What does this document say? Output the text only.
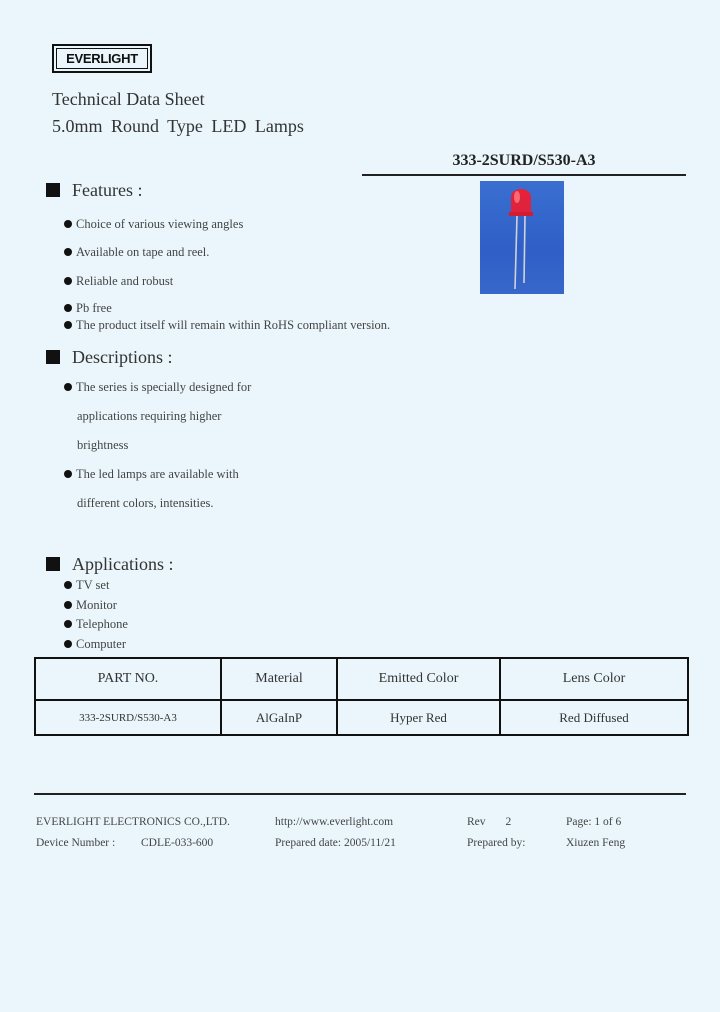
EVERLIGHT
Technical Data Sheet
5.0mm Round Type LED Lamps
333-2SURD/S530-A3
Features :
Choice of various viewing angles
Available on tape and reel.
Reliable and robust
Pb free
The product itself will remain within RoHS compliant version.
Descriptions :
The series is specially designed for
applications requiring higher
brightness
The led lamps are available with
different colors, intensities.
Applications :
TV set
Monitor
Telephone
Computer
PART NO.	Material	Emitted Color	Lens Color
333-2SURD/S530-A3	AlGaInP	Hyper Red	Red Diffused
EVERLIGHT ELECTRONICS CO.,LTD.	http://www.everlight.com	Rev 2	Page: 1 of 6
Device Number : CDLE-033-600	Prepared date: 2005/11/21	Prepared by:	Xiuzen Feng
